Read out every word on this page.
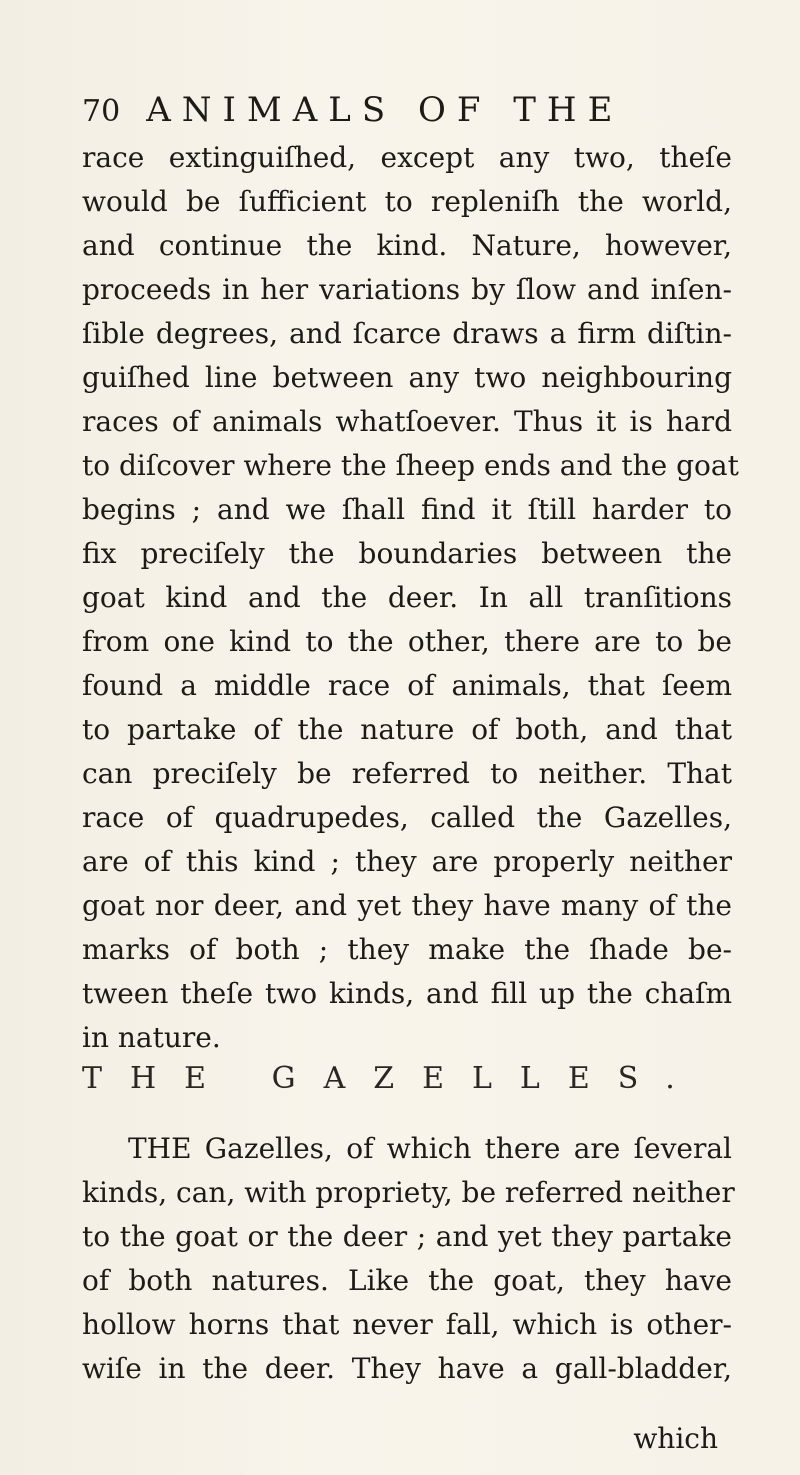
70 ANIMALS OF THE
race extinguiſhed, except any two, theſe
would be ſufficient to repleniſh the world,
and continue the kind. Nature, however,
proceeds in her variations by ſlow and inſen-
ſible degrees, and ſcarce draws a firm diſtin-
guiſhed line between any two neighbouring
races of animals whatſoever. Thus it is hard
to diſcover where the ſheep ends and the goat
begins ; and we ſhall find it ſtill harder to
fix preciſely the boundaries between the
goat kind and the deer. In all tranſitions
from one kind to the other, there are to be
found a middle race of animals, that ſeem
to partake of the nature of both, and that
can preciſely be referred to neither. That
race of quadrupedes, called the Gazelles,
are of this kind ; they are properly neither
goat nor deer, and yet they have many of the
marks of both ; they make the ſhade be-
tween theſe two kinds, and fill up the chaſm
in nature.
THE GAZELLES.
THE Gazelles, of which there are ſeveral
kinds, can, with propriety, be referred neither
to the goat or the deer ; and yet they partake
of both natures. Like the goat, they have
hollow horns that never fall, which is other-
wiſe in the deer. They have a gall-bladder,
which
